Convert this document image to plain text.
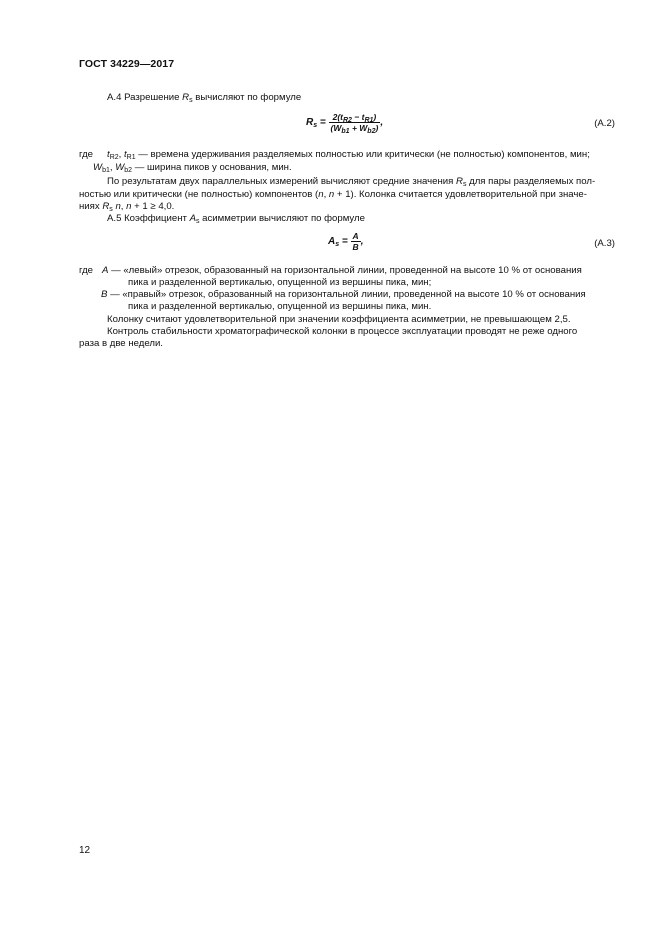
ГОСТ 34229—2017
А.4 Разрешение $R_s$ вычисляют по формуле
$R_s = \frac{2(t_{R2} - t_{R1})}{(W_{b1} + W_{b2})}$ ,	(А.2)
где $t_{R2}$, $t_{R1}$ — времена удерживания разделяемых полностью или критически (не полностью) компонентов, мин;
$W_{b1}$, $W_{b2}$ — ширина пиков у основания, мин.
По результатам двух параллельных измерений вычисляют средние значения $R_s$ для пары разделяемых пол-
ностью или критически (не полностью) компонентов (n, n + 1). Колонка считается удовлетворительной при значе-
ниях $R_s$ n, n + 1 ≥ 4,0.
А.5 Коэффициент $A_s$ асимметрии вычисляют по формуле
$A_s = \frac{A}{B}$ ,	(А.3)
где A — «левый» отрезок, образованный на горизонтальной линии, проведенной на высоте 10 % от основания
пика и разделенной вертикалью, опущенной из вершины пика, мин;
B — «правый» отрезок, образованный на горизонтальной линии, проведенной на высоте 10 % от основания
пика и разделенной вертикалью, опущенной из вершины пика, мин.
Колонку считают удовлетворительной при значении коэффициента асимметрии, не превышающем 2,5.
Контроль стабильности хроматографической колонки в процессе эксплуатации проводят не реже одного
раза в две недели.
12
